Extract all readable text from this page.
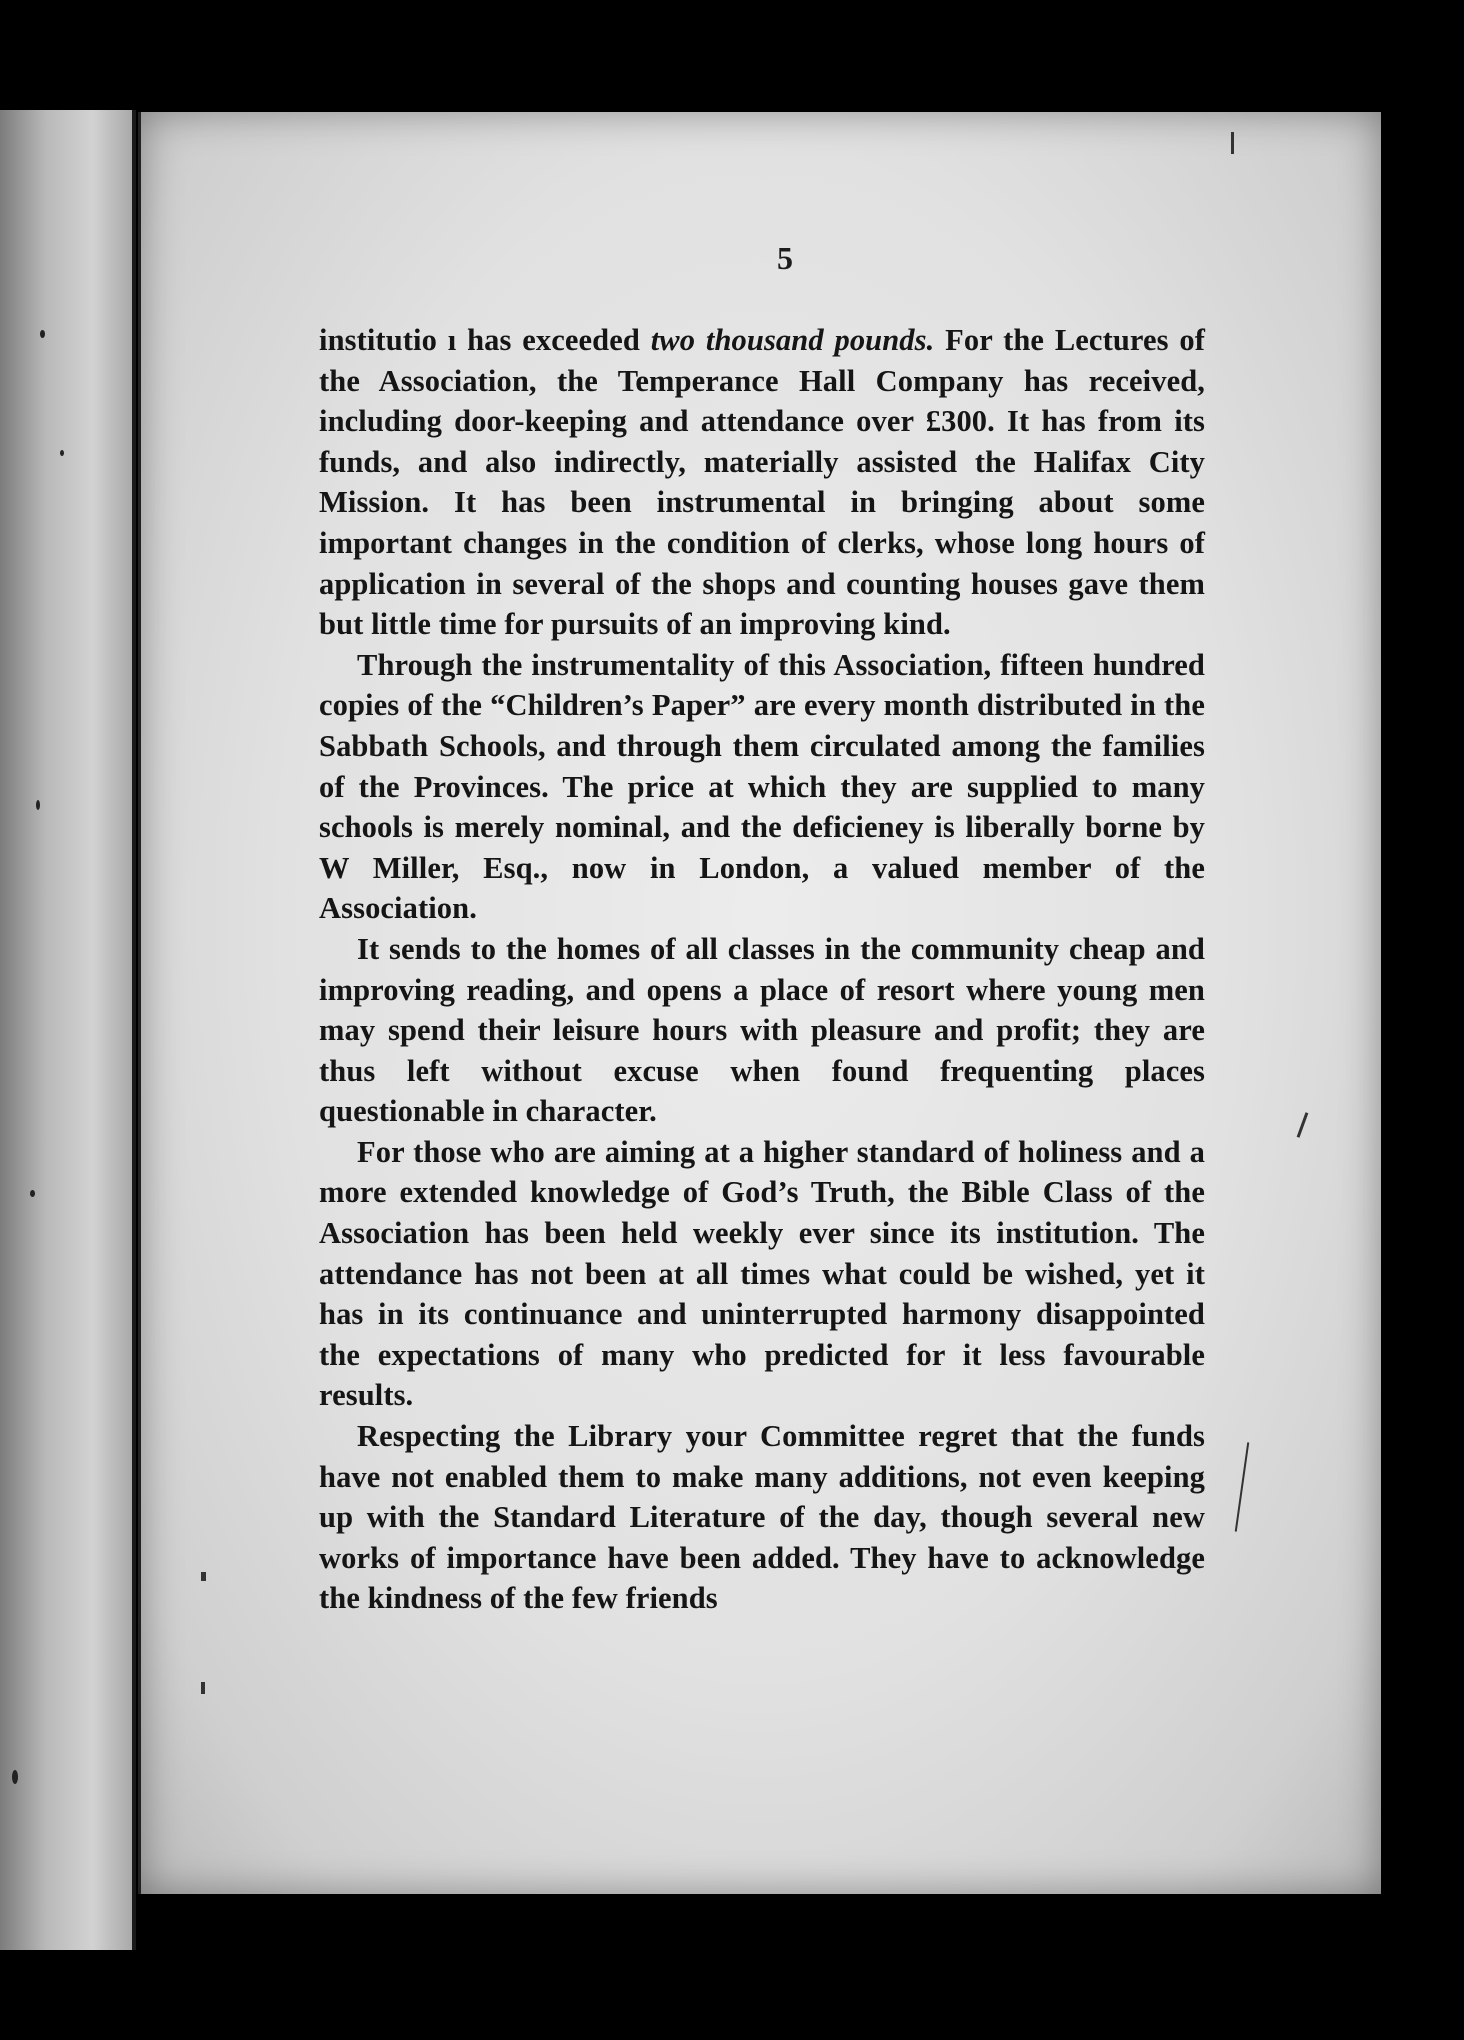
5

institutio ı has exceeded two thousand pounds. For the Lectures of the Association, the Temperance Hall Company has received, including door-keeping and attendance over £300. It has from its funds, and also indirectly, materially assisted the Halifax City Mission. It has been instrumental in bringing about some important changes in the condition of clerks, whose long hours of application in several of the shops and counting houses gave them but little time for pursuits of an improving kind.

Through the instrumentality of this Association, fifteen hundred copies of the “Children’s Paper” are every month distributed in the Sabbath Schools, and through them circulated among the families of the Provinces. The price at which they are supplied to many schools is merely nominal, and the deficieney is liberally borne by W Miller, Esq., now in London, a valued member of the Association.

It sends to the homes of all classes in the community cheap and improving reading, and opens a place of resort where young men may spend their leisure hours with pleasure and profit; they are thus left without excuse when found frequenting places questionable in character.

For those who are aiming at a higher standard of holiness and a more extended knowledge of God’s Truth, the Bible Class of the Association has been held weekly ever since its institution. The attendance has not been at all times what could be wished, yet it has in its continuance and uninterrupted harmony disappointed the expectations of many who predicted for it less favourable results.

Respecting the Library your Committee regret that the funds have not enabled them to make many additions, not even keeping up with the Standard Literature of the day, though several new works of importance have been added. They have to acknowledge the kindness of the few friends
